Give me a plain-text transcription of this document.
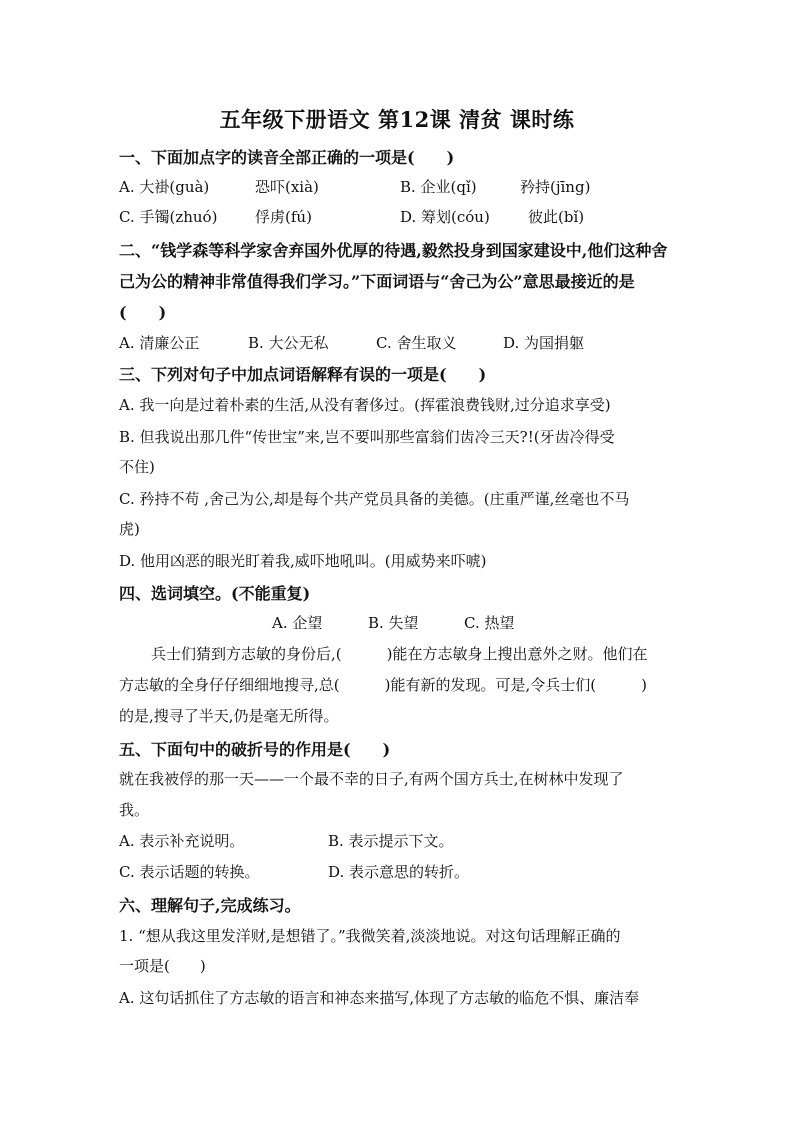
五年级下册语文 第12课 清贫 课时练
一、下面加点字的读音全部正确的一项是(　　)
A. 大褂(guà)	恐吓(xià)	B. 企业(qǐ)	矜持(jīng)
C. 手镯(zhuó)	俘虏(fú)	D. 筹划(cóu)	彼此(bǐ)
二、“钱学森等科学家舍弃国外优厚的待遇,毅然投身到国家建设中,他们这种舍
己为公的精神非常值得我们学习。”下面词语与“舍己为公”意思最接近的是
(　　)
A. 清廉公正	B. 大公无私	C. 舍生取义	D. 为国捐躯
三、下列对句子中加点词语解释有误的一项是(　　)
A. 我一向是过着朴素的生活,从没有奢侈过。(挥霍浪费钱财,过分追求享受)
B. 但我说出那几件“传世宝”来,岂不要叫那些富翁们齿冷三天?!(牙齿冷得受
不住)
C. 矜持不苟 ,舍己为公,却是每个共产党员具备的美德。(庄重严谨,丝毫也不马
虎)
D. 他用凶恶的眼光盯着我,威吓地吼叫。(用威势来吓唬)
四、选词填空。(不能重复)
A. 企望	B. 失望	C. 热望
兵士们猜到方志敏的身份后,(　　　)能在方志敏身上搜出意外之财。他们在
方志敏的全身仔仔细细地搜寻,总(　　　)能有新的发现。可是,令兵士们(　　　)
的是,搜寻了半天,仍是毫无所得。
五、下面句中的破折号的作用是(　　)
就在我被俘的那一天——一个最不幸的日子,有两个国方兵士,在树林中发现了
我。
A. 表示补充说明。	B. 表示提示下文。
C. 表示话题的转换。	D. 表示意思的转折。
六、理解句子,完成练习。
1. “想从我这里发洋财,是想错了。”我微笑着,淡淡地说。对这句话理解正确的
一项是(　　)
A. 这句话抓住了方志敏的语言和神态来描写,体现了方志敏的临危不惧、廉洁奉
